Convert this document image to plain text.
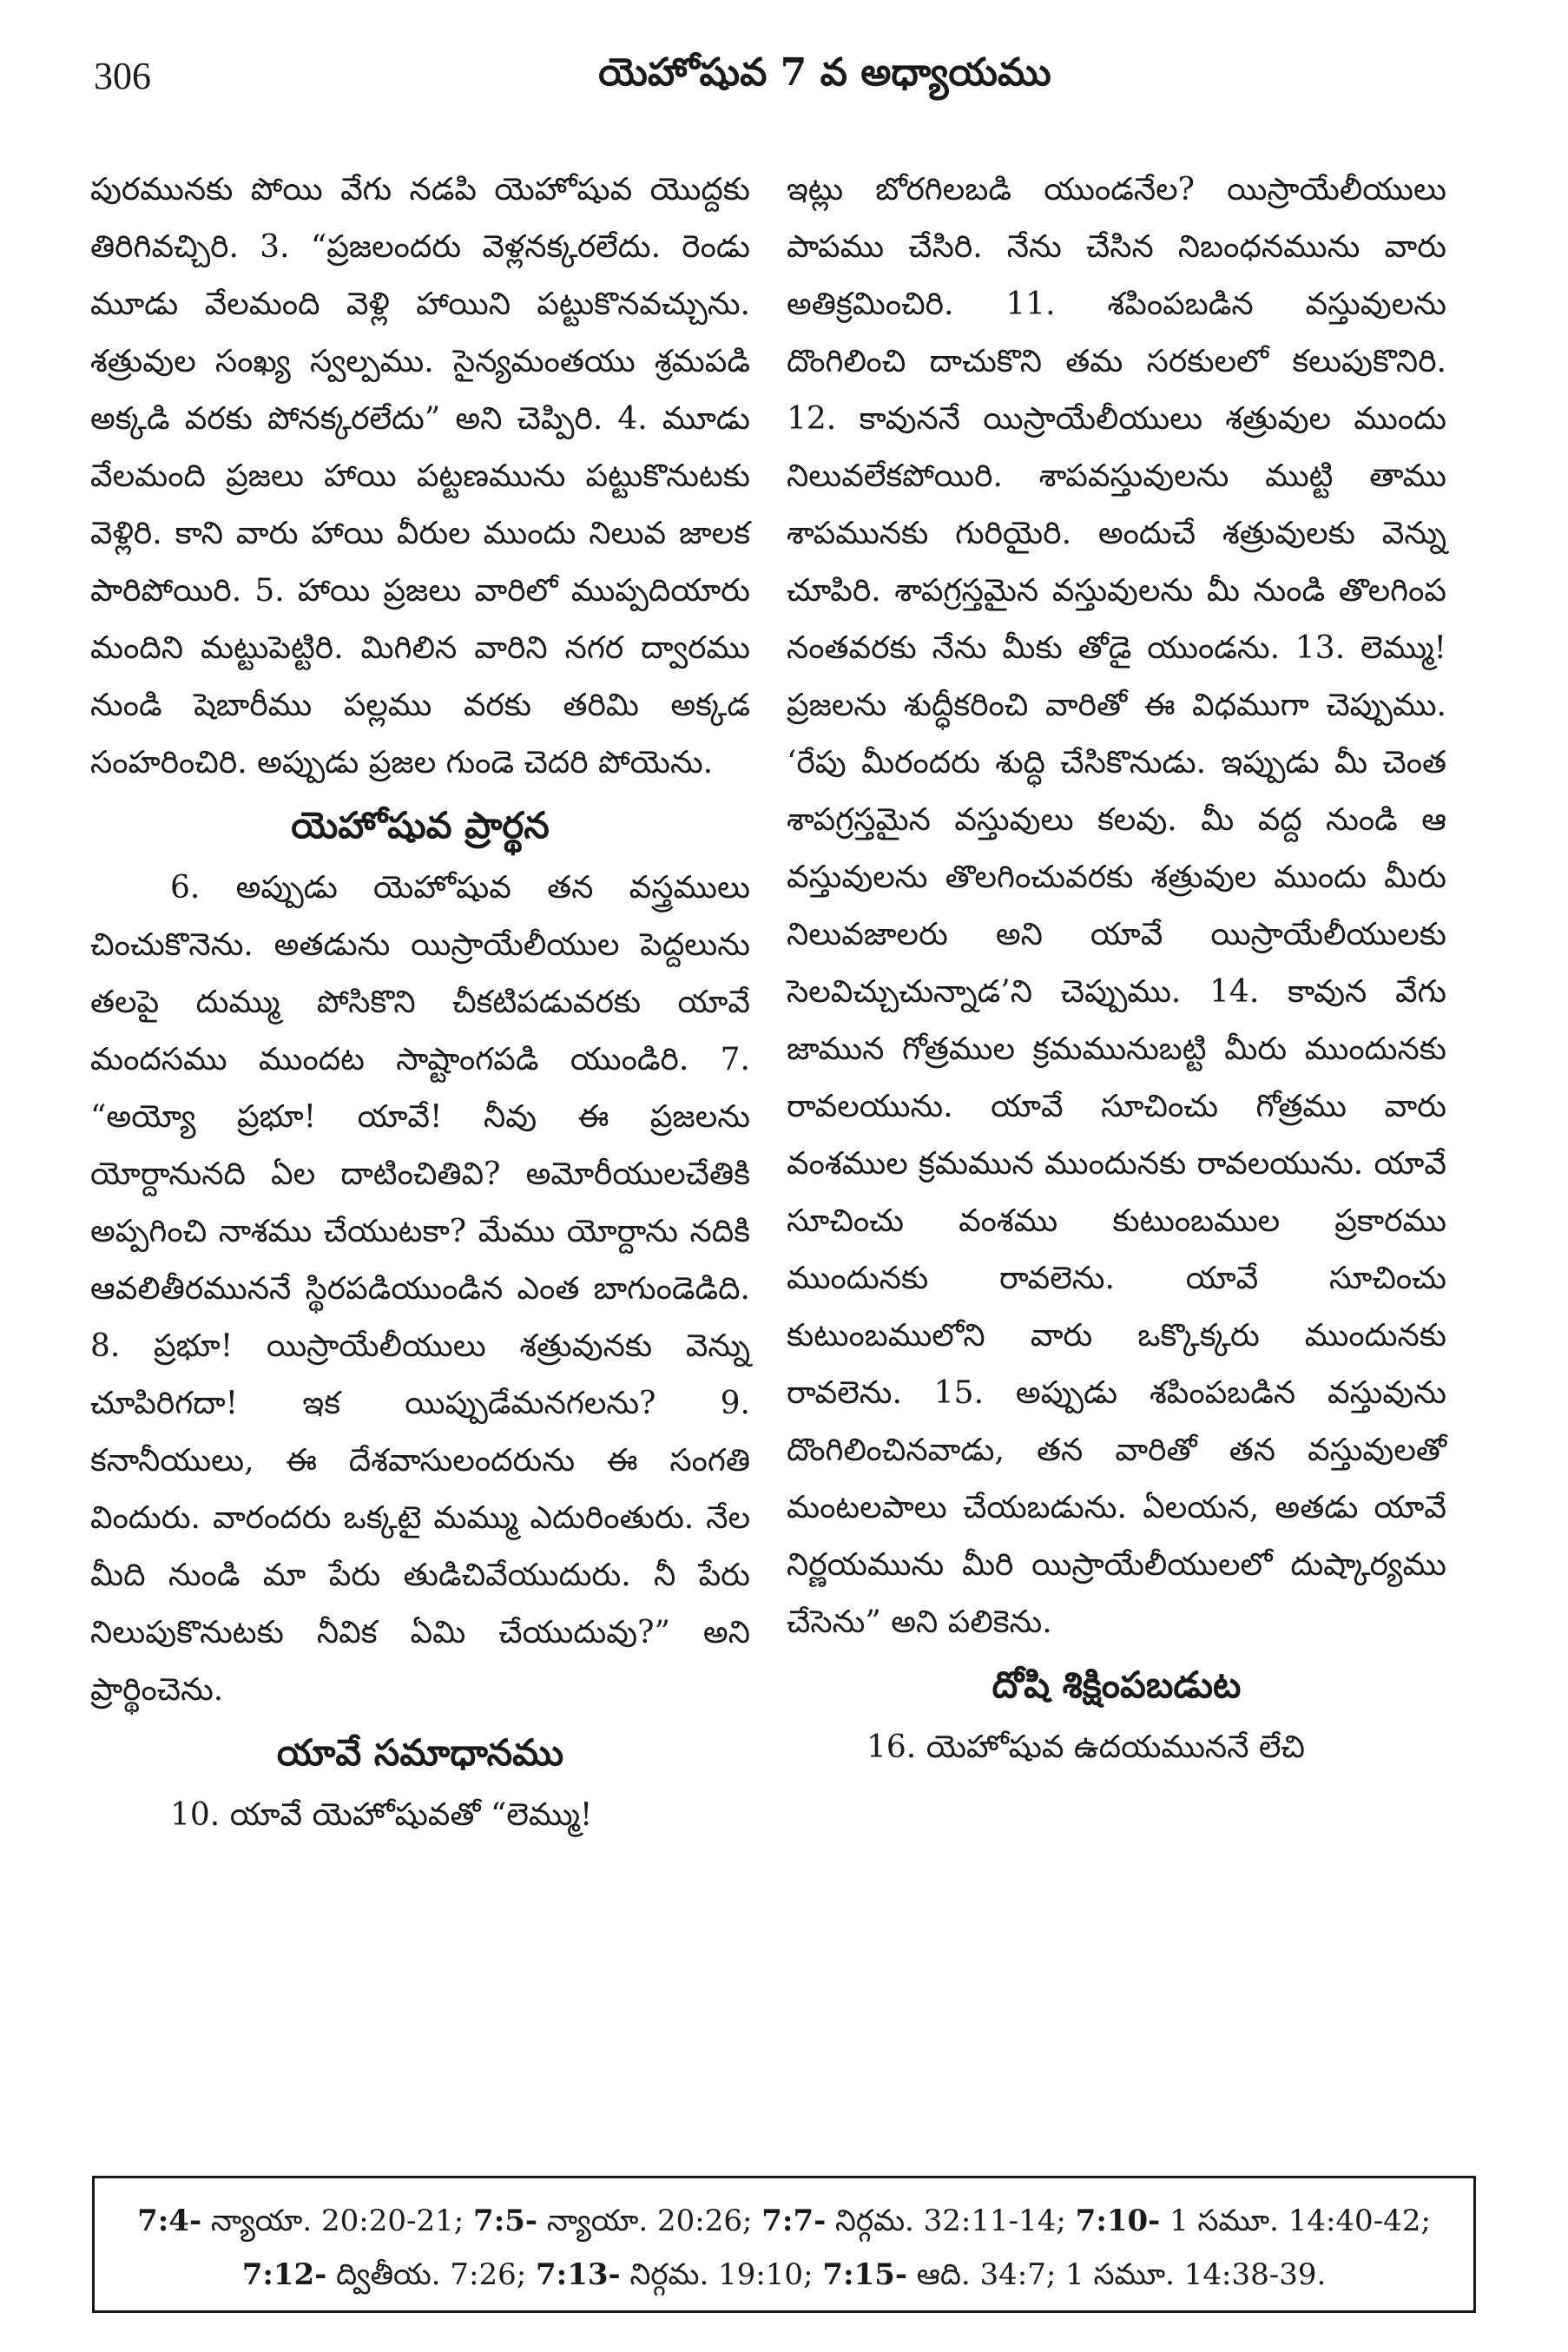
306	యెహోషువ 7 వ అధ్యాయము

పురమునకు పోయి వేగు నడపి యెహోషువ యొద్దకు తిరిగివచ్చిరి. 3. “ప్రజలందరు వెళ్లనక్కరలేదు. రెండు మూడు వేలమంది వెళ్లి హాయిని పట్టుకొనవచ్చును. శత్రువుల సంఖ్య స్వల్పము. సైన్యమంతయు శ్రమపడి అక్కడి వరకు పోనక్కరలేదు” అని చెప్పిరి. 4. మూడు వేలమంది ప్రజలు హాయి పట్టణమును పట్టుకొనుటకు వెళ్లిరి. కాని వారు హాయి వీరుల ముందు నిలువ జాలక పారిపోయిరి. 5. హాయి ప్రజలు వారిలో ముప్పదియారు మందిని మట్టుపెట్టిరి. మిగిలిన వారిని నగర ద్వారము నుండి షెబారీము పల్లము వరకు తరిమి అక్కడ సంహరించిరి. అప్పుడు ప్రజల గుండె చెదరి పోయెను.

యెహోషువ ప్రార్థన

6. అప్పుడు యెహోషువ తన వస్త్రములు చించుకొనెను. అతడును యిస్రాయేలీయుల పెద్దలును తలపై దుమ్ము పోసికొని చీకటిపడువరకు యావే మందసము ముందట సాష్టాంగపడి యుండిరి. 7. “అయ్యో ప్రభూ! యావే! నీవు ఈ ప్రజలను యోర్దానునది ఏల దాటించితివి? అమోరీయులచేతికి అప్పగించి నాశము చేయుటకా? మేము యోర్దాను నదికి ఆవలితీరముననే స్థిరపడియుండిన ఎంత బాగుండెడిది. 8. ప్రభూ! యిస్రాయేలీయులు శత్రువునకు వెన్ను చూపిరిగదా! ఇక యిప్పుడేమనగలను? 9. కనానీయులు, ఈ దేశవాసులందరును ఈ సంగతి విందురు. వారందరు ఒక్కటై మమ్ము ఎదురింతురు. నేల మీది నుండి మా పేరు తుడిచివేయుదురు. నీ పేరు నిలుపుకొనుటకు నీవిక ఏమి చేయుదువు?” అని ప్రార్థించెను.

యావే సమాధానము

10. యావే యెహోషువతో “లెమ్ము!

ఇట్లు బోరగిలబడి యుండనేల? యిస్రాయేలీయులు పాపము చేసిరి. నేను చేసిన నిబంధనమును వారు అతిక్రమించిరి. 11. శపింపబడిన వస్తువులను దొంగిలించి దాచుకొని తమ సరకులలో కలుపుకొనిరి. 12. కావుననే యిస్రాయేలీయులు శత్రువుల ముందు నిలువలేకపోయిరి. శాపవస్తువులను ముట్టి తాము శాపమునకు గురియైరి. అందుచే శత్రువులకు వెన్ను చూపిరి. శాపగ్రస్తమైన వస్తువులను మీ నుండి తొలగింప నంతవరకు నేను మీకు తోడై యుండను. 13. లెమ్ము! ప్రజలను శుద్ధీకరించి వారితో ఈ విధముగా చెప్పుము. ‘రేపు మీరందరు శుద్ధి చేసికొనుడు. ఇప్పుడు మీ చెంత శాపగ్రస్తమైన వస్తువులు కలవు. మీ వద్ద నుండి ఆ వస్తువులను తొలగించువరకు శత్రువుల ముందు మీరు నిలువజాలరు అని యావే యిస్రాయేలీయులకు సెలవిచ్చుచున్నాడ’ని చెప్పుము. 14. కావున వేగు జామున గోత్రముల క్రమమునుబట్టి మీరు ముందునకు రావలయును. యావే సూచించు గోత్రము వారు వంశముల క్రమమున ముందునకు రావలయును. యావే సూచించు వంశము కుటుంబముల ప్రకారము ముందునకు రావలెను. యావే సూచించు కుటుంబములోని వారు ఒక్కొక్కరు ముందునకు రావలెను. 15. అప్పుడు శపింపబడిన వస్తువును దొంగిలించినవాడు, తన వారితో తన వస్తువులతో మంటలపాలు చేయబడును. ఏలయన, అతడు యావే నిర్ణయమును మీరి యిస్రాయేలీయులలో దుష్కార్యము చేసెను” అని పలికెను.

దోషి శిక్షింపబడుట

16. యెహోషువ ఉదయముననే లేచి

7:4- న్యాయా. 20:20-21; 7:5- న్యాయా. 20:26; 7:7- నిర్గమ. 32:11-14; 7:10- 1 సమూ. 14:40-42; 7:12- ద్వితీయ. 7:26; 7:13- నిర్గమ. 19:10; 7:15- ఆది. 34:7; 1 సమూ. 14:38-39.
